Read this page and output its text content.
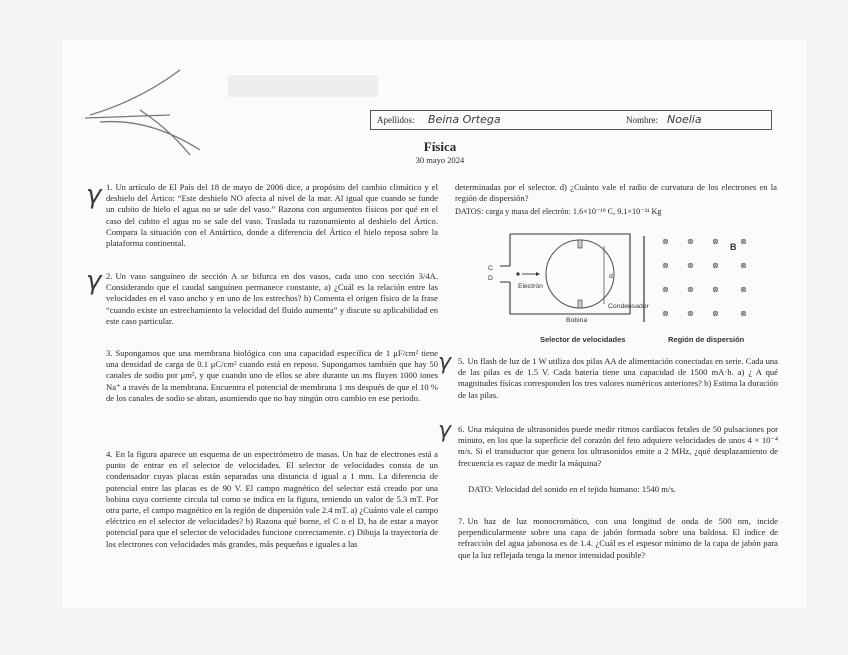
Apellidos: Beina Ortega	Nombre: Noelia
Física
30 mayo 2024
γ
γ
γ
γ

1. Un artículo de El País del 18 de mayo de 2006 dice, a propósito del cambio climático y el deshielo del Ártico: “Este deshielo NO afecta al nivel de la mar. Al igual que cuando se funde un cubito de hielo el agua no se sale del vaso.” Razona con argumentos físicos por qué en el caso del cubito el agua no se sale del vaso. Traslada tu razonamiento al deshielo del Ártico. Compara la situación con el Antártico, donde a diferencia del Ártico el hielo reposa sobre la plataforma continental.

2. Un vaso sanguíneo de sección A se bifurca en dos vasos, cada uno con sección 3/4A. Considerando que el caudal sanguíneo permanece constante, a) ¿Cuál es la relación entre las velocidades en el vaso ancho y en uno de los estrechos? b) Comenta el origen físico de la frase “cuando existe un estrechamiento la velocidad del fluido aumenta” y discute su aplicabilidad en este caso particular.

3. Supongamos que una membrana biológica con una capacidad específica de 1 μF/cm² tiene una densidad de carga de 0.1 μC/cm² cuando está en reposo. Supongamos también que hay 50 canales de sodio por μm², y que cuando uno de ellos se abre durante un ms fluyen 1000 iones Na⁺ a través de la membrana. Encuentra el potencial de membrana 1 ms después de que el 10 % de los canales de sodio se abran, asumiendo que no hay ningún otro cambio en ese periodo.

4. En la figura aparece un esquema de un espectrómetro de masas. Un haz de electrones está a punto de entrar en el selector de velocidades. El selector de velocidades consta de un condensador cuyas placas están separadas una distancia d igual a 1 mm. La diferencia de potencial entre las placas es de 90 V. El campo magnético del selector está creado por una bobina cuya corriente circula tal como se indica en la figura, teniendo un valor de 5.3 mT. Por otra parte, el campo magnético en la región de dispersión vale 2.4 mT. a) ¿Cuánto vale el campo eléctrico en el selector de velocidades? b) Razona qué borne, el C o el D, ha de estar a mayor potencial para que el selector de velocidades funcione correctamente. c) Dibuja la trayectoria de los electrones con velocidades más grandes, más pequeñas e iguales a las

determinadas por el selector. d) ¿Cuánto vale el radio de curvatura de los electrones en la región de dispersión?

DATOS: carga y masa del electrón: 1.6×10⁻¹⁹ C, 9.1×10⁻³¹ Kg

C
D
Electrón
d
Bobina
Condensador
Selector de velocidades	Región de dispersión
B
⊗ ⊗ ⊗	⊗
⊗ ⊗ ⊗	⊗
⊗ ⊗ ⊗	⊗
⊗ ⊗ ⊗	⊗

5. Un flash de luz de 1 W utiliza dos pilas AA de alimentación conectadas en serie. Cada una de las pilas es de 1.5 V. Cada batería tiene una capacidad de 1500 mA·h. a) ¿ A qué magnitudes físicas corresponden los tres valores numéricos anteriores? b) Estima la duración de las pilas.

6. Una máquina de ultrasonidos puede medir ritmos cardíacos fetales de 50 pulsaciones por minuto, en los que la superficie del corazón del feto adquiere velocidades de unos 4 × 10⁻⁴ m/s. Si el transductor que genera los ultrasonidos emite a 2 MHz, ¿qué desplazamiento de frecuencia es capaz de medir la máquina?

DATO: Velocidad del sonido en el tejido humano: 1540 m/s.

7. Un haz de luz monocromático, con una longitud de onda de 500 nm, incide perpendicularmente sobre una capa de jabón formada sobre una baldosa. El índice de refracción del agua jabonosa es de 1.4. ¿Cuál es el espesor mínimo de la capa de jabón para que la luz reflejada tenga la menor intensidad posible?
